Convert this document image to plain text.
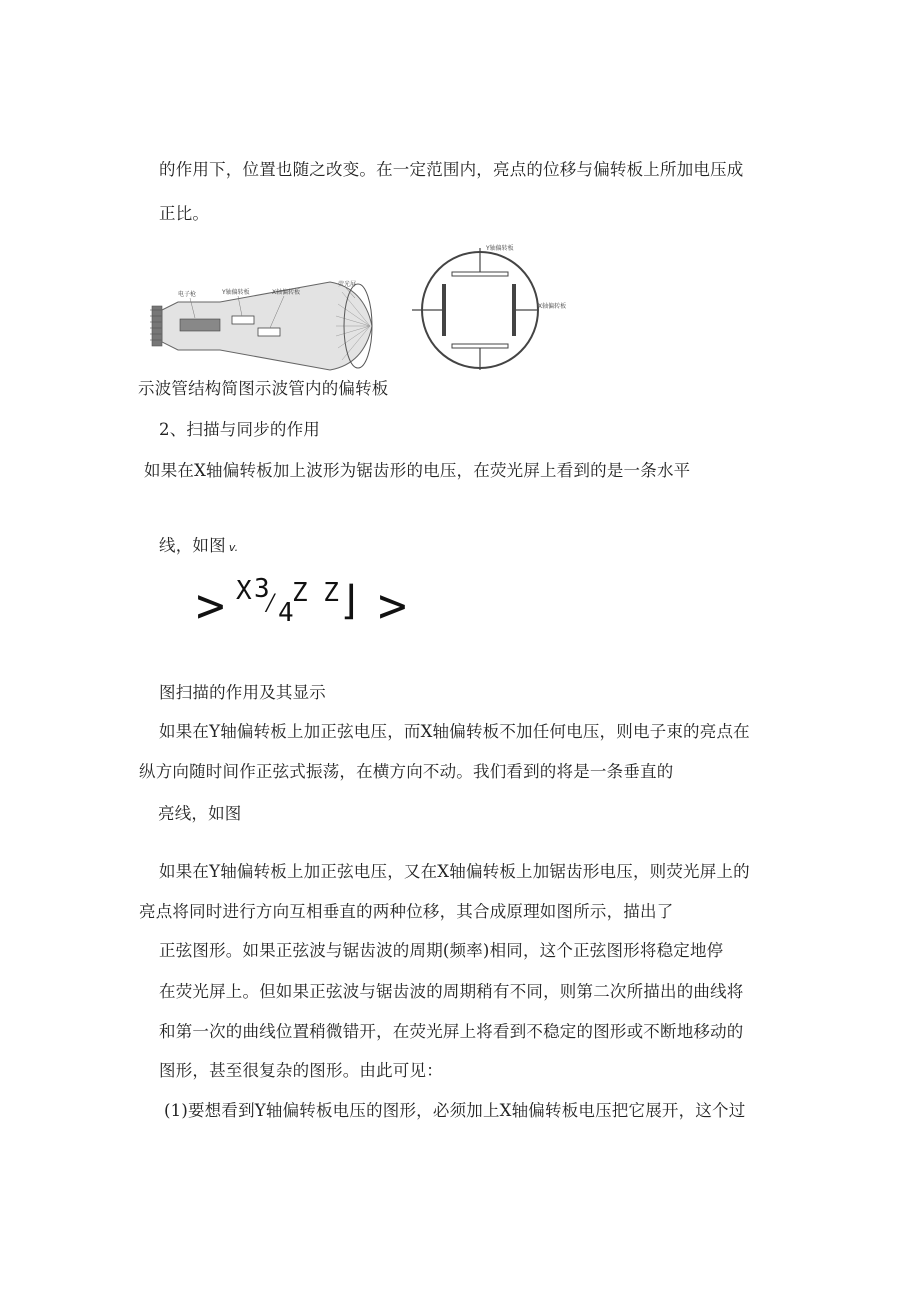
的作用下，位置也随之改变。在一定范围内，亮点的位移与偏转板上所加电压成
正比。
电子枪	Y轴偏转板	X轴偏转板
荧光屏
Y轴偏转板
X轴偏转板
示波管结构简图示波管内的偏转板
2、扫描与同步的作用
如果在X轴偏转板加上波形为锯齿形的电压，在荧光屏上看到的是一条水平
线，如图 v.
> X 3
⁄ 4
Z Z ⌋ >
图扫描的作用及其显示
如果在Y轴偏转板上加正弦电压，而X轴偏转板不加任何电压，则电子束的亮点在
纵方向随时间作正弦式振荡，在横方向不动。我们看到的将是一条垂直的
亮线，如图
如果在Y轴偏转板上加正弦电压，又在X轴偏转板上加锯齿形电压，则荧光屏上的
亮点将同时进行方向互相垂直的两种位移，其合成原理如图所示，描出了
正弦图形。如果正弦波与锯齿波的周期(频率)相同，这个正弦图形将稳定地停
在荧光屏上。但如果正弦波与锯齿波的周期稍有不同，则第二次所描出的曲线将
和第一次的曲线位置稍微错开，在荧光屏上将看到不稳定的图形或不断地移动的
图形，甚至很复杂的图形。由此可见：
(1)要想看到Y轴偏转板电压的图形，必须加上X轴偏转板电压把它展开，这个过
